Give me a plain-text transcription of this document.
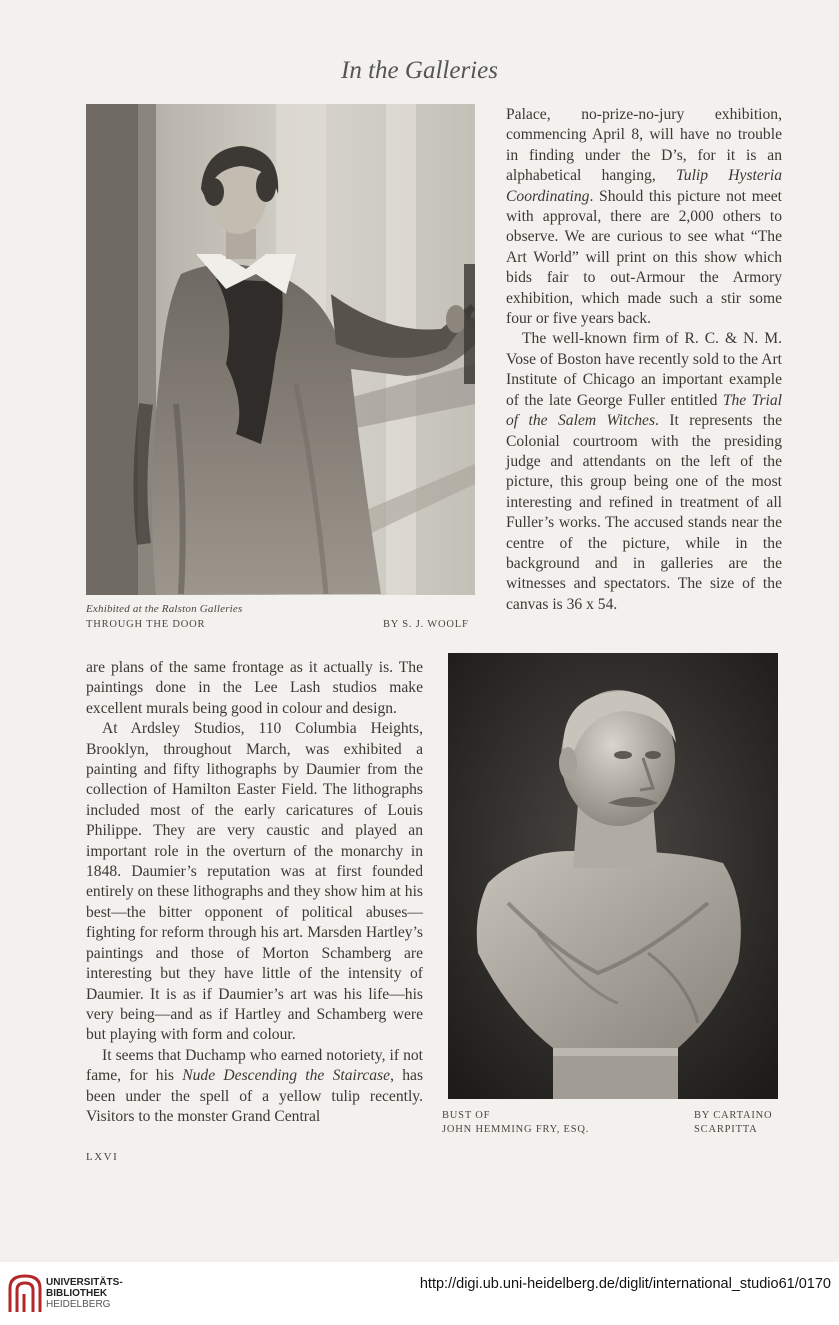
In the Galleries
Exhibited at the Ralston Galleries
THROUGH THE DOOR	BY S. J. WOOLF

Palace, no-prize-no-jury exhibition, commencing April 8, will have no trouble in finding under the D’s, for it is an alphabetical hanging, Tulip Hysteria Coordinating. Should this picture not meet with approval, there are 2,000 others to observe. We are curious to see what “The Art World” will print on this show which bids fair to out-Armour the Armory exhibition, which made such a stir some four or five years back.

The well-known firm of R. C. & N. M. Vose of Boston have recently sold to the Art Institute of Chicago an important example of the late George Fuller entitled The Trial of the Salem Witches. It represents the Colonial courtroom with the presiding judge and attendants on the left of the picture, this group being one of the most interesting and refined in treatment of all Fuller’s works. The accused stands near the centre of the picture, while in the background and in galleries are the witnesses and spectators. The size of the canvas is 36 x 54.

are plans of the same frontage as it actually is. The paintings done in the Lee Lash studios make excellent murals being good in colour and design.

At Ardsley Studios, 110 Columbia Heights, Brooklyn, throughout March, was exhibited a painting and fifty lithographs by Daumier from the collection of Hamilton Easter Field. The lithographs included most of the early caricatures of Louis Philippe. They are very caustic and played an important role in the overturn of the monarchy in 1848. Daumier’s reputation was at first founded entirely on these lithographs and they show him at his best—the bitter opponent of political abuses—fighting for reform through his art. Marsden Hartley’s paintings and those of Morton Schamberg are interesting but they have little of the intensity of Daumier. It is as if Daumier’s art was his life—his very being—and as if Hartley and Schamberg were but playing with form and colour.

It seems that Duchamp who earned notoriety, if not fame, for his Nude Descending the Staircase, has been under the spell of a yellow tulip recently. Visitors to the monster Grand Central	BUST OF
JOHN HEMMING FRY, ESQ.
BY CARTAINO
SCARPITTA
LXVI
UNIVERSITÄTS-
BIBLIOTHEK
HEIDELBERG
http://digi.ub.uni-heidelberg.de/diglit/international_studio61/0170
